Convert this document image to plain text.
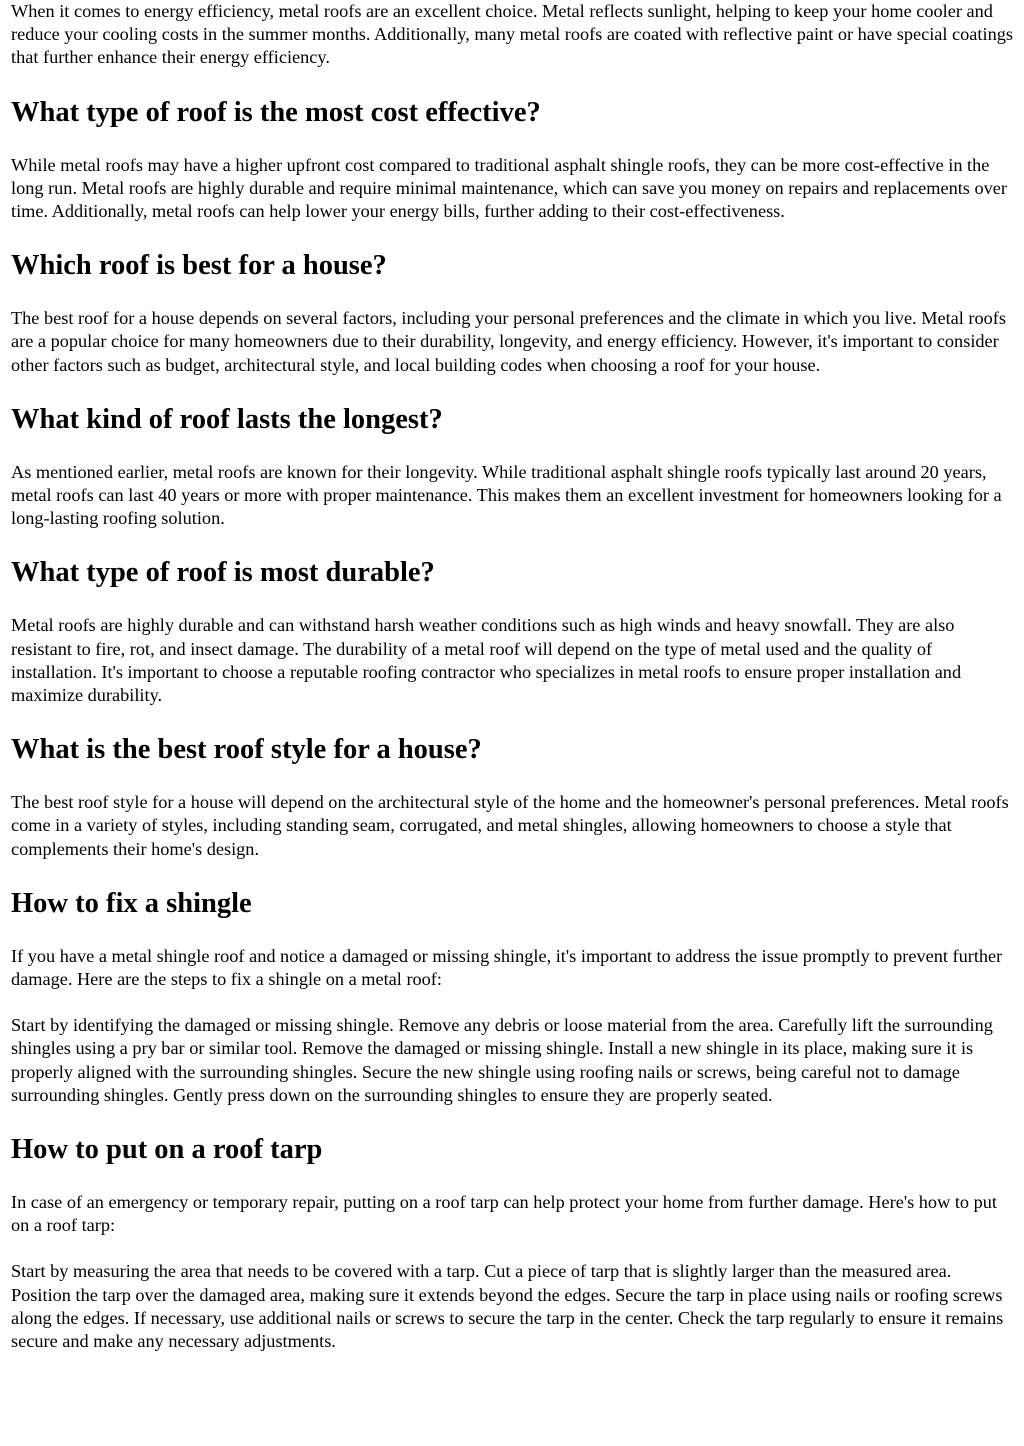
When it comes to energy efficiency, metal roofs are an excellent choice. Metal reflects sunlight, helping to keep your home cooler and reduce your cooling costs in the summer months. Additionally, many metal roofs are coated with reflective paint or have special coatings that further enhance their energy efficiency.

What type of roof is the most cost effective?

While metal roofs may have a higher upfront cost compared to traditional asphalt shingle roofs, they can be more cost-effective in the long run. Metal roofs are highly durable and require minimal maintenance, which can save you money on repairs and replacements over time. Additionally, metal roofs can help lower your energy bills, further adding to their cost-effectiveness.

Which roof is best for a house?

The best roof for a house depends on several factors, including your personal preferences and the climate in which you live. Metal roofs are a popular choice for many homeowners due to their durability, longevity, and energy efficiency. However, it's important to consider other factors such as budget, architectural style, and local building codes when choosing a roof for your house.

What kind of roof lasts the longest?

As mentioned earlier, metal roofs are known for their longevity. While traditional asphalt shingle roofs typically last around 20 years, metal roofs can last 40 years or more with proper maintenance. This makes them an excellent investment for homeowners looking for a long-lasting roofing solution.

What type of roof is most durable?

Metal roofs are highly durable and can withstand harsh weather conditions such as high winds and heavy snowfall. They are also resistant to fire, rot, and insect damage. The durability of a metal roof will depend on the type of metal used and the quality of installation. It's important to choose a reputable roofing contractor who specializes in metal roofs to ensure proper installation and maximize durability.

What is the best roof style for a house?

The best roof style for a house will depend on the architectural style of the home and the homeowner's personal preferences. Metal roofs come in a variety of styles, including standing seam, corrugated, and metal shingles, allowing homeowners to choose a style that complements their home's design.

How to fix a shingle

If you have a metal shingle roof and notice a damaged or missing shingle, it's important to address the issue promptly to prevent further damage. Here are the steps to fix a shingle on a metal roof:

Start by identifying the damaged or missing shingle. Remove any debris or loose material from the area. Carefully lift the surrounding shingles using a pry bar or similar tool. Remove the damaged or missing shingle. Install a new shingle in its place, making sure it is properly aligned with the surrounding shingles. Secure the new shingle using roofing nails or screws, being careful not to damage surrounding shingles. Gently press down on the surrounding shingles to ensure they are properly seated.

How to put on a roof tarp

In case of an emergency or temporary repair, putting on a roof tarp can help protect your home from further damage. Here's how to put on a roof tarp:

Start by measuring the area that needs to be covered with a tarp. Cut a piece of tarp that is slightly larger than the measured area. Position the tarp over the damaged area, making sure it extends beyond the edges. Secure the tarp in place using nails or roofing screws along the edges. If necessary, use additional nails or screws to secure the tarp in the center. Check the tarp regularly to ensure it remains secure and make any necessary adjustments.
